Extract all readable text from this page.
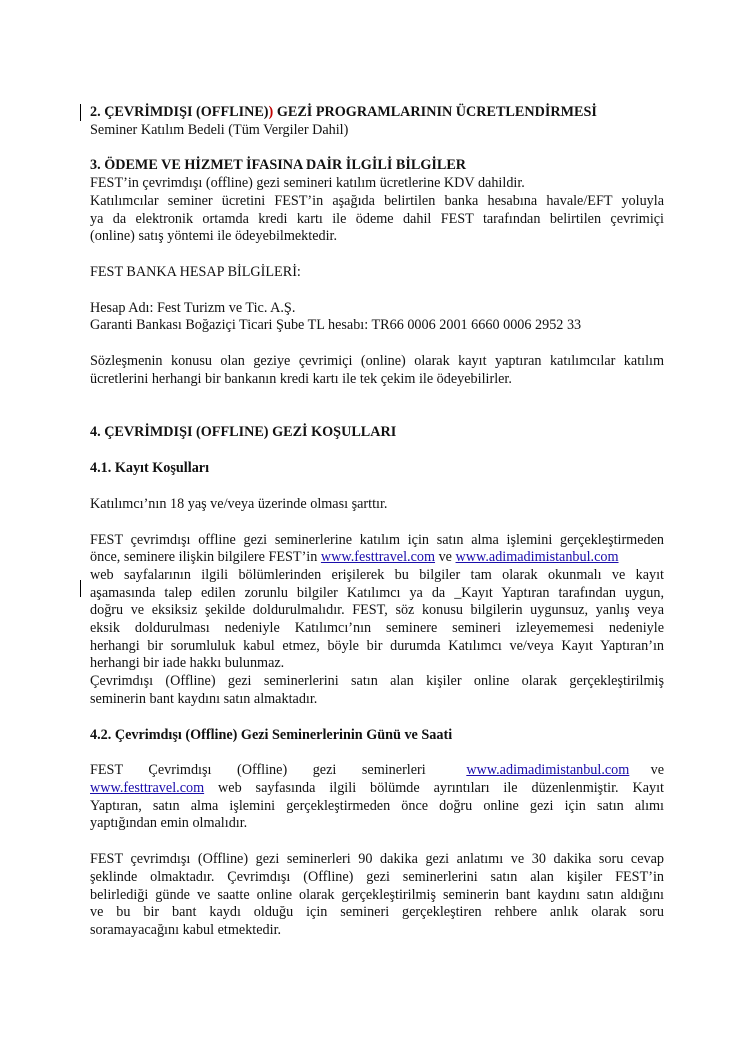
2. ÇEVRİMDIŞI (OFFLINE)) GEZİ PROGRAMLARININ ÜCRETLENDİRMESİ
Seminer Katılım Bedeli (Tüm Vergiler Dahil)
3. ÖDEME VE HİZMET İFASINA DAİR İLGİLİ BİLGİLER
FEST’in çevrimdışı (offline) gezi semineri katılım ücretlerine KDV dahildir.
Katılımcılar seminer ücretini FEST’in aşağıda belirtilen banka hesabına havale/EFT yoluyla
ya da elektronik ortamda kredi kartı ile ödeme dahil FEST tarafından belirtilen çevrimiçi
(online) satış yöntemi ile ödeyebilmektedir.
FEST BANKA HESAP BİLGİLERİ:
Hesap Adı: Fest Turizm ve Tic. A.Ş.
Garanti Bankası Boğaziçi Ticari Şube TL hesabı: TR66 0006 2001 6660 0006 2952 33
Sözleşmenin konusu olan geziye çevrimiçi (online) olarak kayıt yaptıran katılımcılar katılım
ücretlerini herhangi bir bankanın kredi kartı ile tek çekim ile ödeyebilirler.
4. ÇEVRİMDIŞI (OFFLINE) GEZİ KOŞULLARI
4.1. Kayıt Koşulları
Katılımcı’nın 18 yaş ve/veya üzerinde olması şarttır.
FEST çevrimdışı offline gezi seminerlerine katılım için satın alma işlemini gerçekleştirmeden
önce, seminere ilişkin bilgilere FEST’in www.festtravel.com ve www.adimadimistanbul.com
web sayfalarının ilgili bölümlerinden erişilerek bu bilgiler tam olarak okunmalı ve kayıt
aşamasında talep edilen zorunlu bilgiler Katılımcı ya da _Kayıt Yaptıran tarafından uygun,
doğru ve eksiksiz şekilde doldurulmalıdır. FEST, söz konusu bilgilerin uygunsuz, yanlış veya
eksik doldurulması nedeniyle Katılımcı’nın seminere semineri izleyememesi nedeniyle
herhangi bir sorumluluk kabul etmez, böyle bir durumda Katılımcı ve/veya Kayıt Yaptıran’ın
herhangi bir iade hakkı bulunmaz.
Çevrimdışı (Offline) gezi seminerlerini satın alan kişiler online olarak gerçekleştirilmiş
seminerin bant kaydını satın almaktadır.
4.2. Çevrimdışı (Offline) Gezi Seminerlerinin Günü ve Saati
FEST Çevrimdışı (Offline) gezi seminerleri	www.adimadimistanbul.com      ve
www.festtravel.com web sayfasında ilgili bölümde ayrıntıları ile düzenlenmiştir. Kayıt
Yaptıran, satın alma işlemini gerçekleştirmeden önce doğru online gezi için satın alımı
yaptığından emin olmalıdır.
FEST çevrimdışı (Offline) gezi seminerleri 90 dakika gezi anlatımı ve 30 dakika soru cevap
şeklinde olmaktadır. Çevrimdışı (Offline) gezi seminerlerini satın alan kişiler FEST’in
belirlediği günde ve saatte online olarak gerçekleştirilmiş seminerin bant kaydını satın aldığını
ve bu bir bant kaydı olduğu için semineri gerçekleştiren rehbere anlık olarak soru
soramayacağını kabul etmektedir.
